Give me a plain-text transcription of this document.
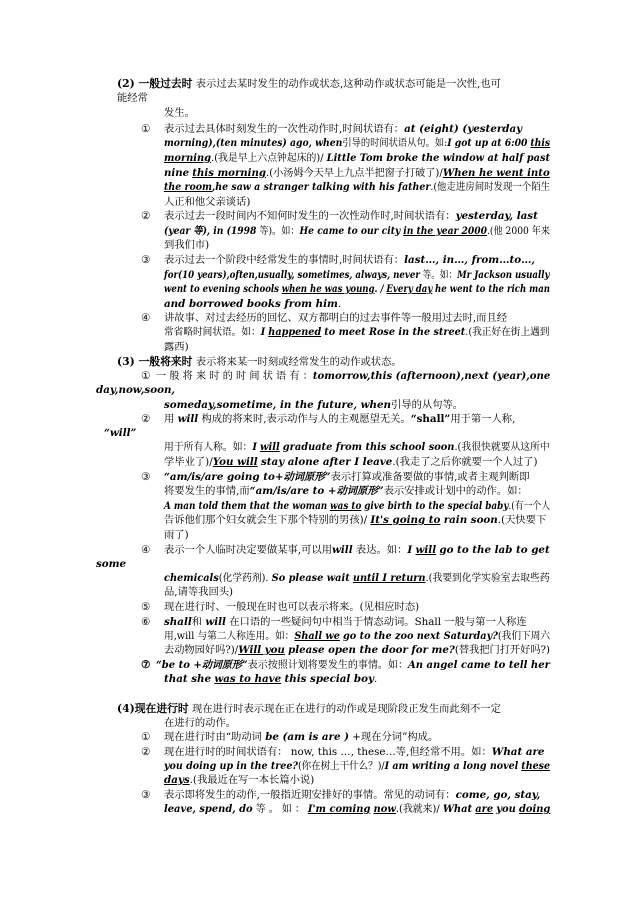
(2) 一般过去时 表示过去某时发生的动作或状态,这种动作或状态可能是一次性,也可
能经常
发生。
① 表示过去具体时刻发生的一次性动作时,时间状语有：at (eight) (yesterday
morning),(ten minutes) ago, when引导的时间状语从句。如:I got up at 6:00 this
morning.(我是早上六点钟起床的)/ Little Tom broke the window at half past
nine this morning.(小汤姆今天早上九点半把窗子打破了)/When he went into
the room,he saw a stranger talking with his father.(他走进房间时发现一个陌生
人正和他父亲谈话)
② 表示过去一段时间内不知何时发生的一次性动作时,时间状语有：yesterday, last
(year 等), in (1998 等)。如：He came to our city in the year 2000.(他 2000 年来
到我们市)
③ 表示过去一个阶段中经常发生的事情时,时间状语有：last…, in…, from…to…,
for(10 years),often,usually, sometimes, always, never 等。如：Mr Jackson usually
went to evening schools when he was young. / Every day he went to the rich man
and borrowed books from him.
④ 讲故事、对过去经历的回忆、双方都明白的过去事件等一般用过去时,而且经
常省略时间状语。如：I happened to meet Rose in the street.(我正好在街上遇到
露西)
(3) 一般将来时 表示将来某一时刻或经常发生的动作或状态。
① 一 般 将 来 时 的 时 间 状 语 有 ：tomorrow,this (afternoon),next (year),one
day,now,soon,
someday,sometime, in the future, when引导的从句等。
② 用 will 构成的将来时,表示动作与人的主观愿望无关。“shall”用于第一人称,
“will”
用于所有人称。如：I will graduate from this school soon.(我很快就要从这所中
学毕业了)/You will stay alone after I leave.(我走了之后你就要一个人过了)
③ “am/is/are going to+动词原形”表示打算或准备要做的事情,或者主观判断即
将要发生的事情,而“am/is/are to +动词原形”表示安排或计划中的动作。如：
A man told them that the woman was to give birth to the special baby.(有一个人
告诉他们那个妇女就会生下那个特别的男孩)/ It's going to rain soon.(天快要下
雨了)
④ 表示一个人临时决定要做某事,可以用will 表达。如：I will go to the lab to get
some
chemicals(化学药剂). So please wait until I return.(我要到化学实验室去取些药
品,请等我回头)
⑤ 现在进行时、一般现在时也可以表示将来。(见相应时态)
⑥ shall和 will 在口语的一些疑问句中相当于情态动词。Shall 一般与第一人称连
用,will 与第二人称连用。如：Shall we go to the zoo next Saturday?(我们下周六
去动物园好吗?)/Will you please open the door for me?(替我把门打开好吗?)
⑦ “be to +动词原形”表示按照计划将要发生的事情。如：An angel came to tell her
that she was to have this special boy.
(4)现在进行时 现在进行时表示现在正在进行的动作或是现阶段正发生而此刻不一定
在进行的动作。
① 现在进行时由“助动词 be (am is are ) +现在分词”构成。
② 现在进行时的时间状语有： now, this …, these…等,但经常不用。如：What are
you doing up in the tree?(你在树上干什么？)/I am writing a long novel these
days.(我最近在写一本长篇小说)
③ 表示即将发生的动作,一般指近期安排好的事情。常见的动词有：come, go, stay,
leave, spend, do 等 。 如 ： I'm coming now.(我就来)/ What are you doing
